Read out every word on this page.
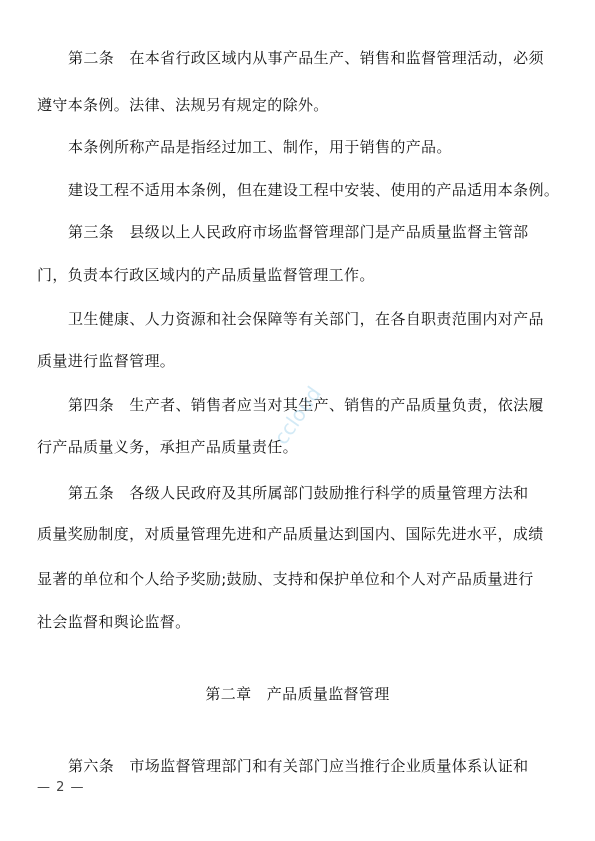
第二条　在本省行政区域内从事产品生产、销售和监督管理活动，必须
遵守本条例。法律、法规另有规定的除外。
本条例所称产品是指经过加工、制作，用于销售的产品。
建设工程不适用本条例，但在建设工程中安装、使用的产品适用本条例。
第三条　县级以上人民政府市场监督管理部门是产品质量监督主管部
门，负责本行政区域内的产品质量监督管理工作。
卫生健康、人力资源和社会保障等有关部门，在各自职责范围内对产品
质量进行监督管理。
第四条　生产者、销售者应当对其生产、销售的产品质量负责，依法履
行产品质量义务，承担产品质量责任。
第五条　各级人民政府及其所属部门鼓励推行科学的质量管理方法和
质量奖励制度，对质量管理先进和产品质量达到国内、国际先进水平，成绩
显著的单位和个人给予奖励;鼓励、支持和保护单位和个人对产品质量进行
社会监督和舆论监督。
第二章　产品质量监督管理
第六条　市场监督管理部门和有关部门应当推行企业质量体系认证和
ccloud
— 2 —
